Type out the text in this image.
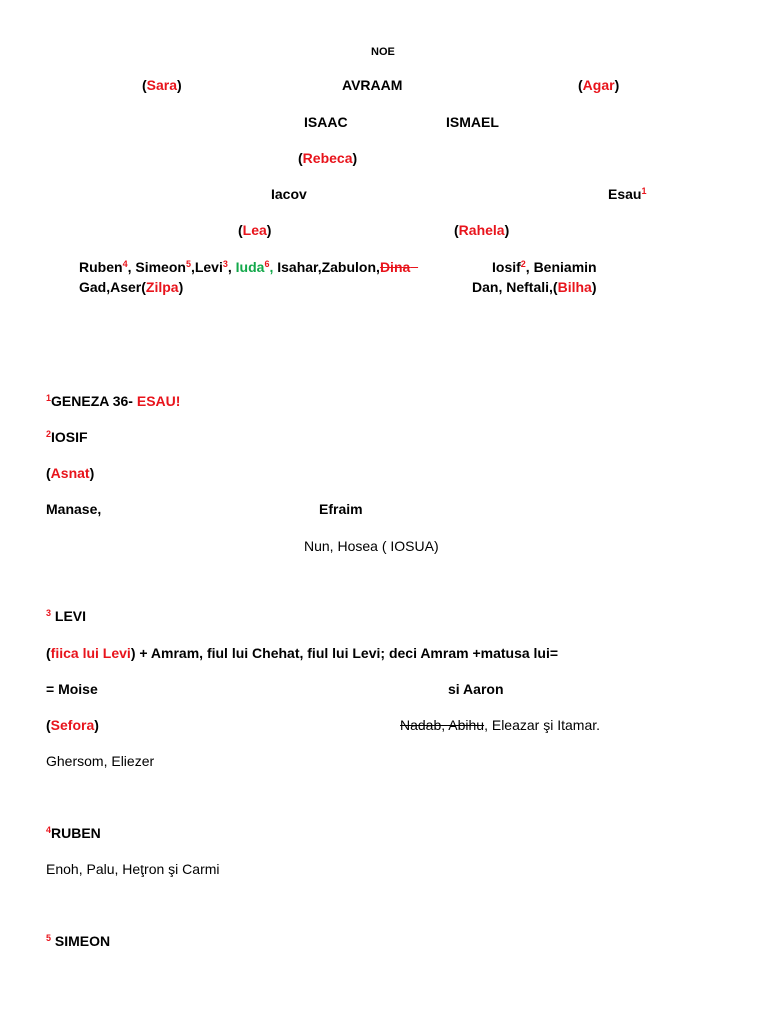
NOE
(Sara)	AVRAAM	(Agar)
ISAAC	ISMAEL
(Rebeca)
Iacov	Esau$^1$
(Lea)	(Rahela)
Ruben$^4$, Simeon$^5$,Levi$^3$, Iuda$^6$, Isahar,Zabulon,Dina	Iosif$^2$, Beniamin
Gad,Aser(Zilpa)	Dan, Neftali,(Bilha)
$^1$GENEZA 36- ESAU!
$^2$IOSIF
(Asnat)
Manase,	Efraim
Nun, Hosea ( IOSUA)
$^3$ LEVI
(fiica lui Levi) + Amram, fiul lui Chehat, fiul lui Levi; deci Amram +matusa lui=
= Moise	si Aaron
(Sefora)	Nadab, Abihu, Eleazar şi Itamar.
Ghersom, Eliezer
$^4$RUBEN
Enoh, Palu, Heţron şi Carmi
$^5$ SIMEON
